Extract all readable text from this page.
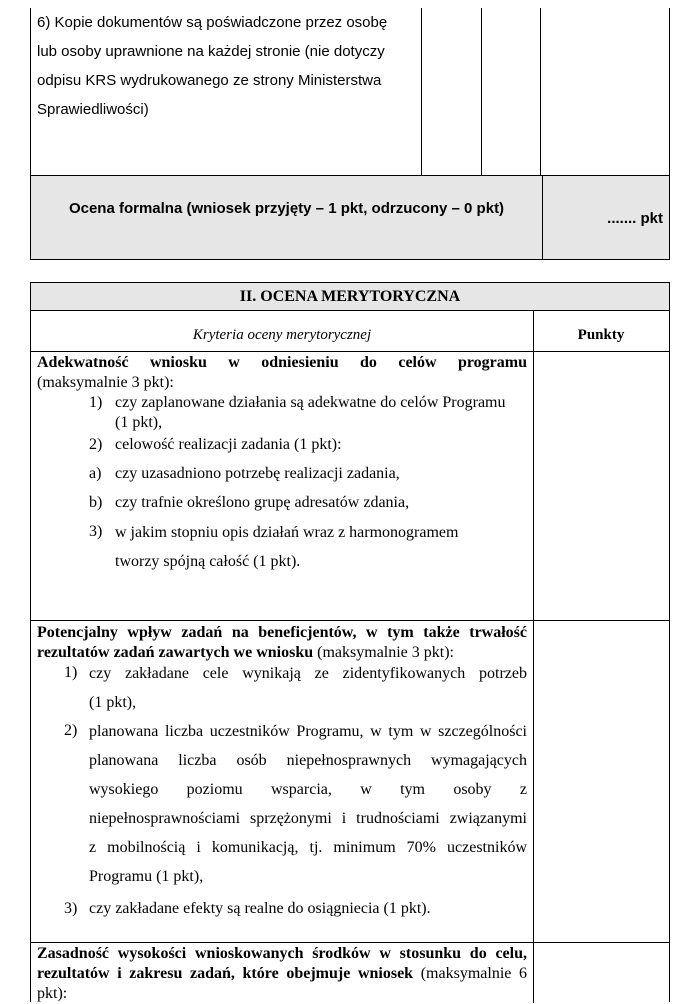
6) Kopie dokumentów są poświadczone przez osobę
lub osoby uprawnione na każdej stronie (nie dotyczy
odpisu KRS wydrukowanego ze strony Ministerstwa
Sprawiedliwości)
Ocena formalna (wniosek przyjęty – 1 pkt, odrzucony – 0 pkt)
....... pkt
II. OCENA MERYTORYCZNA
Kryteria oceny merytorycznej	Punkty
Adekwatność wniosku w odniesieniu do celów programu
(maksymalnie 3 pkt):
1) czy zaplanowane działania są adekwatne do celów Programu
(1 pkt),
2) celowość realizacji zadania (1 pkt):
a) czy uzasadniono potrzebę realizacji zadania,
b) czy trafnie określono grupę adresatów zdania,
3) w jakim stopniu opis działań wraz z harmonogramem
tworzy spójną całość (1 pkt).
Potencjalny wpływ zadań na beneficjentów, w tym także trwałość
rezultatów zadań zawartych we wniosku (maksymalnie 3 pkt):
1) czy zakładane cele wynikają ze zidentyfikowanych potrzeb
(1 pkt),
2) planowana liczba uczestników Programu, w tym w szczególności
planowana liczba osób niepełnosprawnych wymagających
wysokiego poziomu wsparcia, w tym osoby z
niepełnosprawnościami sprzężonymi i trudnościami związanymi
z mobilnością i komunikacją, tj. minimum 70% uczestników
Programu (1 pkt),
3) czy zakładane efekty są realne do osiągniecia (1 pkt).
Zasadność wysokości wnioskowanych środków w stosunku do celu,
rezultatów i zakresu zadań, które obejmuje wniosek (maksymalnie 6
pkt):
